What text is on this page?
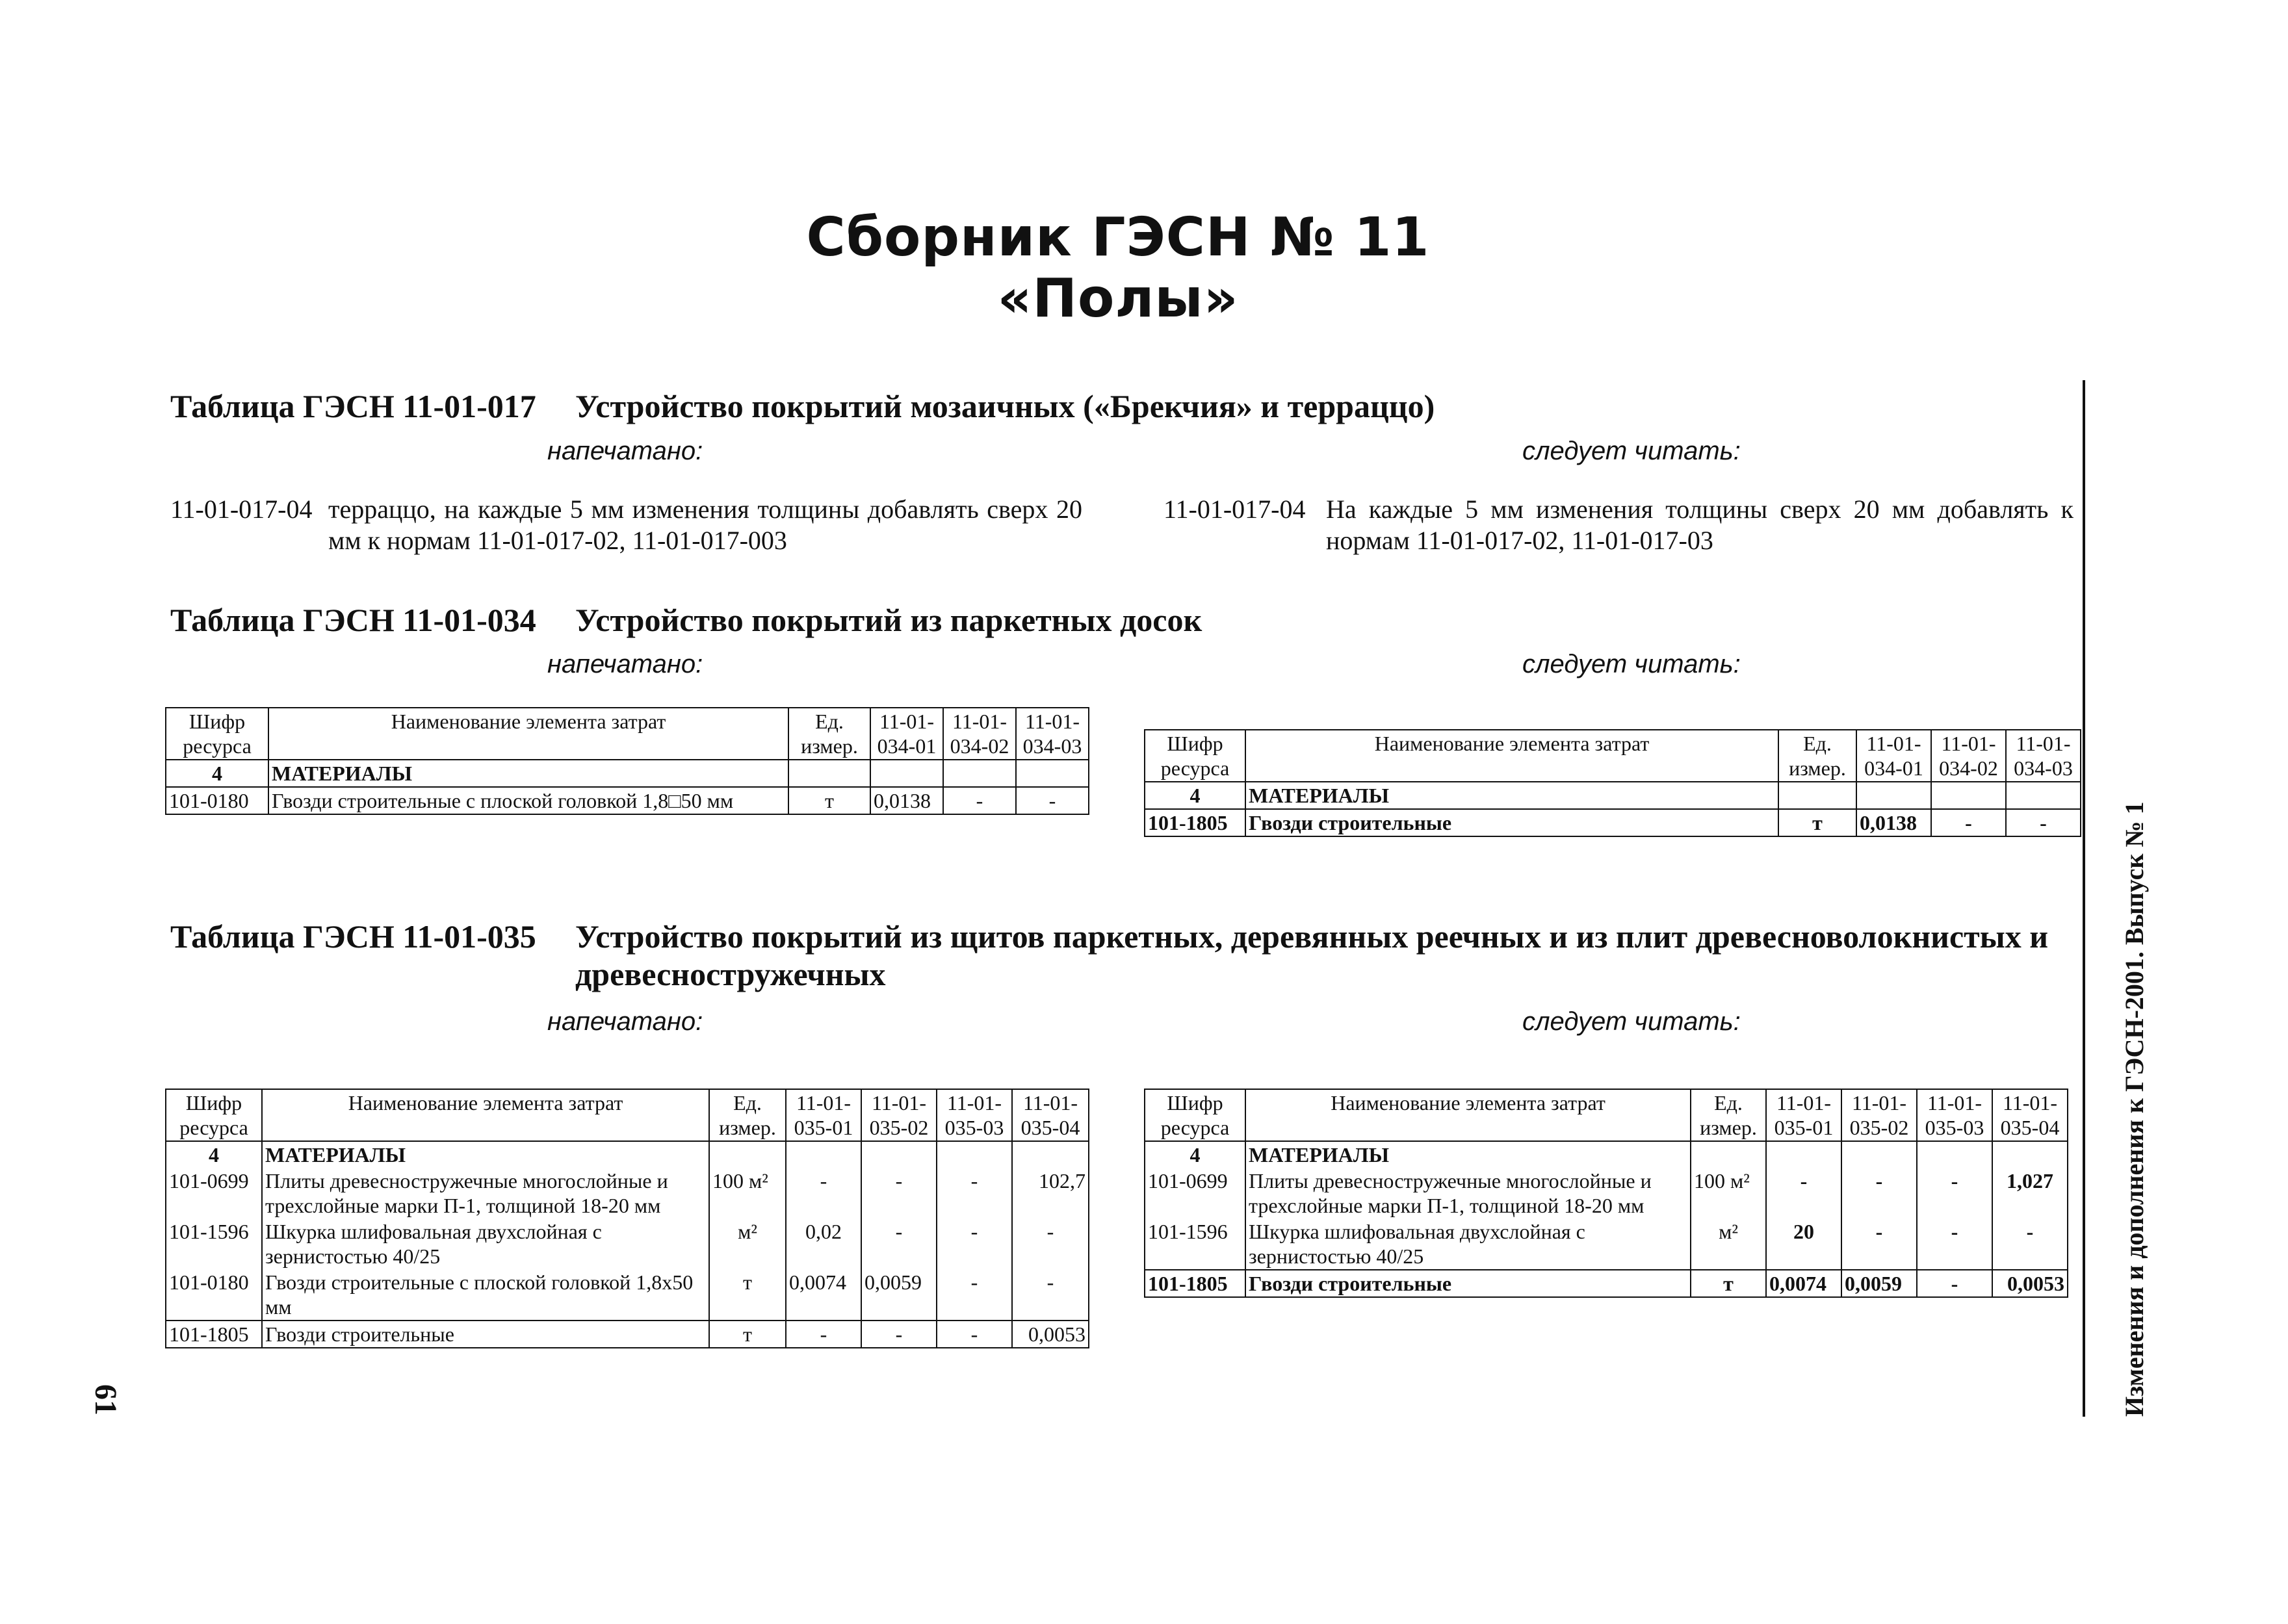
Сборник ГЭСН № 11
«Полы»
Таблица ГЭСН 11-01-017 Устройство покрытий мозаичных («Брекчия» и терраццо)
напечатано:	следует читать:
11-01-017-04 терраццо, на каждые 5 мм изменения толщины добавлять сверх 20 мм к нормам 11-01-017-02, 11-01-017-003
11-01-017-04 На каждые 5 мм изменения толщины сверх 20 мм добавлять к нормам 11-01-017-02, 11-01-017-03
Таблица ГЭСН 11-01-034 Устройство покрытий из паркетных досок
напечатано:	следует читать:
Шифр ресурса	Наименование элемента затрат	Ед. измер.	11-01-034-01	11-01-034-02	11-01-034-03
4	МАТЕРИАЛЫ				
101-0180	Гвозди строительные с плоской головкой 1,8□50 мм	т	0,0138	-	-
Шифр ресурса	Наименование элемента затрат	Ед. измер.	11-01-034-01	11-01-034-02	11-01-034-03
4	МАТЕРИАЛЫ				
101-1805	Гвозди строительные	т	0,0138	-	-
Таблица ГЭСН 11-01-035 Устройство покрытий из щитов паркетных, деревянных реечных и из плит древесноволокнистых и древесностружечных
напечатано:	следует читать:
Шифр ресурса	Наименование элемента затрат	Ед. измер.	11-01-035-01	11-01-035-02	11-01-035-03	11-01-035-04
4	МАТЕРИАЛЫ					
101-0699	Плиты древесностружечные многослойные и трехслойные марки П-1, толщиной 18-20 мм	100 м²	-	-	-	102,7
101-1596	Шкурка шлифовальная двухслойная с зернистостью 40/25	м²	0,02	-	-	-
101-0180	Гвозди строительные с плоской головкой 1,8х50 мм	т	0,0074	0,0059	-	-
101-1805	Гвозди строительные	т	-	-	-	0,0053
Шифр ресурса	Наименование элемента затрат	Ед. измер.	11-01-035-01	11-01-035-02	11-01-035-03	11-01-035-04
4	МАТЕРИАЛЫ					
101-0699	Плиты древесностружечные многослойные и трехслойные марки П-1, толщиной 18-20 мм	100 м²	-	-	-	1,027
101-1596	Шкурка шлифовальная двухслойная с зернистостью 40/25	м²	20	-	-	-
101-1805	Гвозди строительные	т	0,0074	0,0059	-	0,0053 Изменения и дополнения к ГЭСН-2001. Выпуск № 1
61
